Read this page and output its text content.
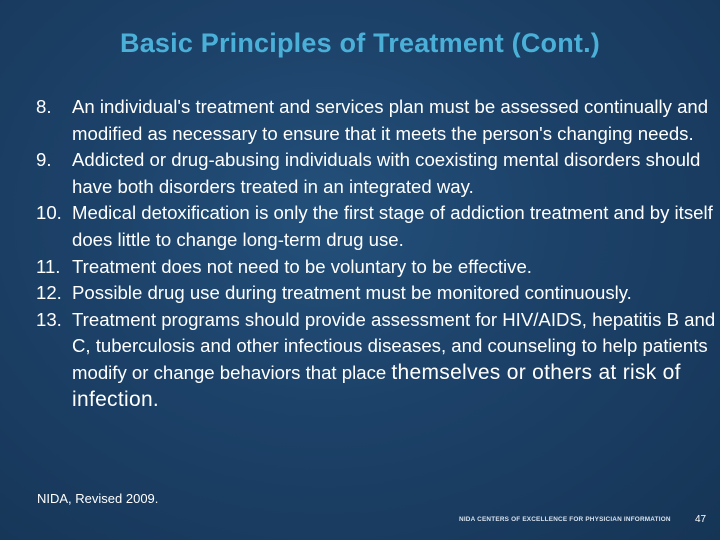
Basic Principles of Treatment (Cont.)
8. An individual's treatment and services plan must be assessed continually and modified as necessary to ensure that it meets the person's changing needs.
9. Addicted or drug-abusing individuals with coexisting mental disorders should have both disorders treated in an integrated way.
10. Medical detoxification is only the first stage of addiction treatment and by itself does little to change long-term drug use.
11. Treatment does not need to be voluntary to be effective.
12. Possible drug use during treatment must be monitored continuously.
13. Treatment programs should provide assessment for HIV/AIDS, hepatitis B and C, tuberculosis and other infectious diseases, and counseling to help patients modify or change behaviors that place themselves or others at risk of infection.
NIDA, Revised 2009.
NIDA CENTERS OF EXCELLENCE FOR PHYSICIAN INFORMATION 47
